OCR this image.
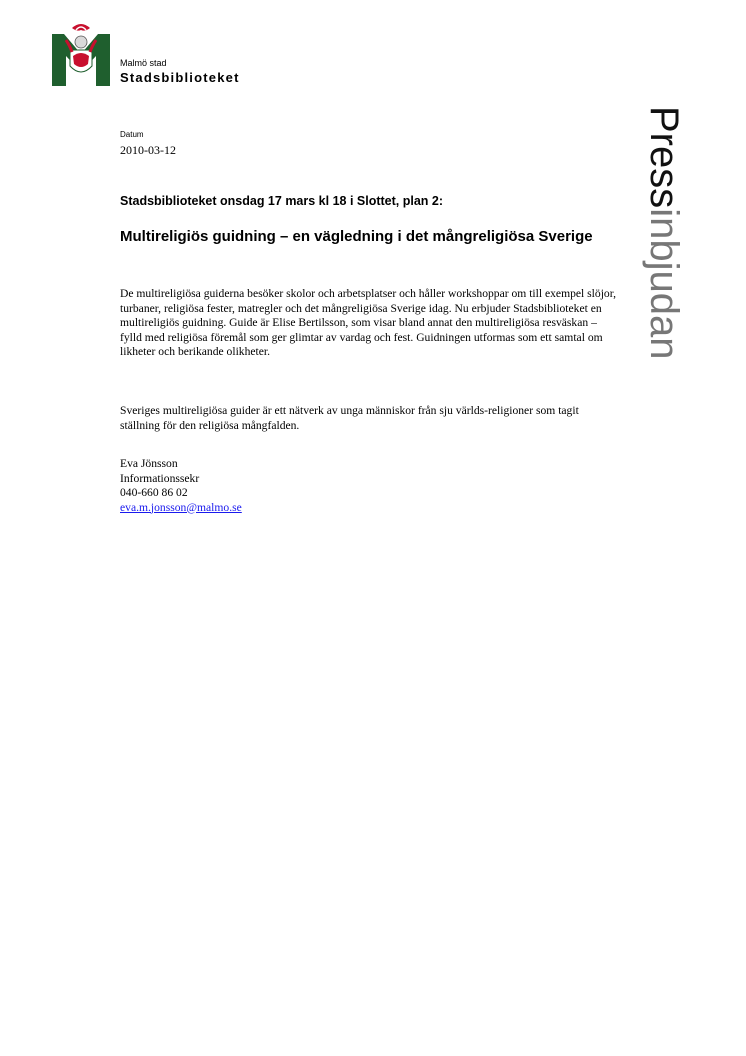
Malmö stad
Stadsbiblioteket
Datum
2010-03-12
Stadsbiblioteket onsdag 17 mars kl 18 i Slottet, plan 2:
Multireligiös guidning – en vägledning i det mångreligiösa Sverige

De multireligiösa guiderna besöker skolor och arbetsplatser och håller workshoppar om till exempel slöjor, turbaner, religiösa fester, matregler och det mångreligiösa Sverige idag. Nu erbjuder Stadsbiblioteket en multireligiös guidning. Guide är Elise Bertilsson, som visar bland annat den multireligiösa resväskan – fylld med religiösa föremål som ger glimtar av vardag och fest. Guidningen utformas som ett samtal om likheter och berikande olikheter.

Sveriges multireligiösa guider är ett nätverk av unga människor från sju världs-religioner som tagit ställning för den religiösa mångfalden.

Eva Jönsson
Informationssekr
040-660 86 02
eva.m.jonsson@malmo.se
Pressinbjudan
